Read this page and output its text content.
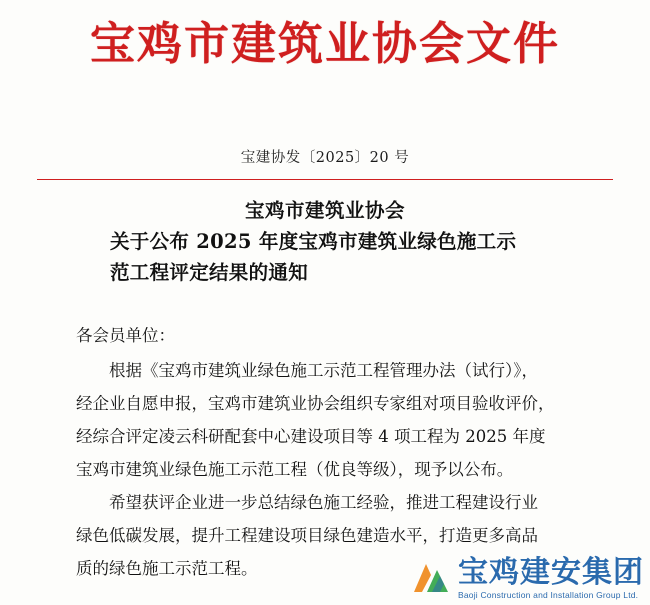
宝鸡市建筑业协会文件
宝建协发〔2025〕20 号
宝鸡市建筑业协会
关于公布 2025 年度宝鸡市建筑业绿色施工示
范工程评定结果的通知
各会员单位：
根据《宝鸡市建筑业绿色施工示范工程管理办法（试行）》，
经企业自愿申报，宝鸡市建筑业协会组织专家组对项目验收评价，
经综合评定凌云科研配套中心建设项目等 4 项工程为 2025 年度
宝鸡市建筑业绿色施工示范工程（优良等级），现予以公布。
希望获评企业进一步总结绿色施工经验，推进工程建设行业
绿色低碳发展，提升工程建设项目绿色建造水平，打造更多高品
质的绿色施工示范工程。	宝鸡建安集团
Baoji Construction and Installation Group Ltd.
